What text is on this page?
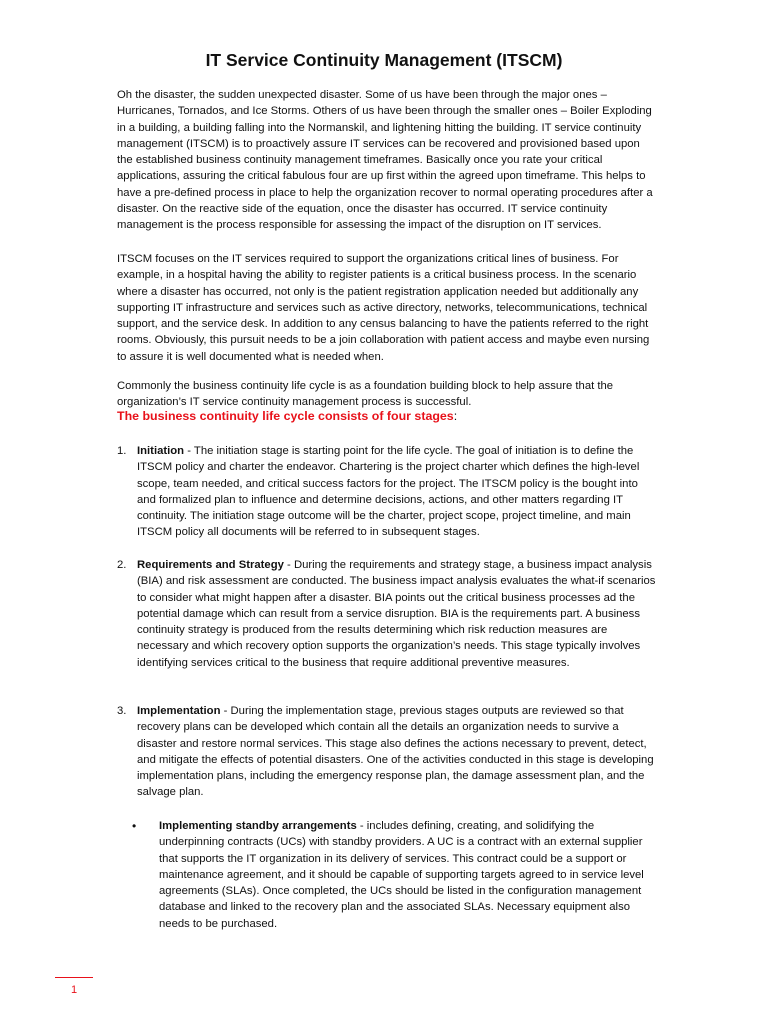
IT Service Continuity Management (ITSCM)

Oh the disaster, the sudden unexpected disaster. Some of us have been through the major ones – Hurricanes, Tornados, and Ice Storms. Others of us have been through the smaller ones – Boiler Exploding in a building, a building falling into the Normanskil, and lightening hitting the building. IT service continuity management (ITSCM) is to proactively assure IT services can be recovered and provisioned based upon the established business continuity management timeframes. Basically once you rate your critical applications, assuring the critical fabulous four are up first within the agreed upon timeframe. This helps to have a pre-defined process in place to help the organization recover to normal operating procedures after a disaster. On the reactive side of the equation, once the disaster has occurred. IT service continuity management is the process responsible for assessing the impact of the disruption on IT services.

ITSCM focuses on the IT services required to support the organizations critical lines of business. For example, in a hospital having the ability to register patients is a critical business process. In the scenario where a disaster has occurred, not only is the patient registration application needed but additionally any supporting IT infrastructure and services such as active directory, networks, telecommunications, technical support, and the service desk. In addition to any census balancing to have the patients referred to the right rooms. Obviously, this pursuit needs to be a join collaboration with patient access and maybe even nursing to assure it is well documented what is needed when.

Commonly the business continuity life cycle is as a foundation building block to help assure that the organization’s IT service continuity management process is successful.

The business continuity life cycle consists of four stages:

1. Initiation - The initiation stage is starting point for the life cycle. The goal of initiation is to define the ITSCM policy and charter the endeavor. Chartering is the project charter which defines the high-level scope, team needed, and critical success factors for the project. The ITSCM policy is the bought into and formalized plan to influence and determine decisions, actions, and other matters regarding IT continuity. The initiation stage outcome will be the charter, project scope, project timeline, and main ITSCM policy all documents will be referred to in subsequent stages.
2. Requirements and Strategy - During the requirements and strategy stage, a business impact analysis (BIA) and risk assessment are conducted. The business impact analysis evaluates the what-if scenarios to consider what might happen after a disaster. BIA points out the critical business processes ad the potential damage which can result from a service disruption. BIA is the requirements part. A business continuity strategy is produced from the results determining which risk reduction measures are necessary and which recovery option supports the organization’s needs. This stage typically involves identifying services critical to the business that require additional preventive measures.
3. Implementation - During the implementation stage, previous stages outputs are reviewed so that recovery plans can be developed which contain all the details an organization needs to survive a disaster and restore normal services. This stage also defines the actions necessary to prevent, detect, and mitigate the effects of potential disasters. One of the activities conducted in this stage is developing implementation plans, including the emergency response plan, the damage assessment plan, and the salvage plan.
• Implementing standby arrangements - includes defining, creating, and solidifying the underpinning contracts (UCs) with standby providers. A UC is a contract with an external supplier that supports the IT organization in its delivery of services. This contract could be a support or maintenance agreement, and it should be capable of supporting targets agreed to in service level agreements (SLAs). Once completed, the UCs should be listed in the configuration management database and linked to the recovery plan and the associated SLAs. Necessary equipment also needs to be purchased.
1
